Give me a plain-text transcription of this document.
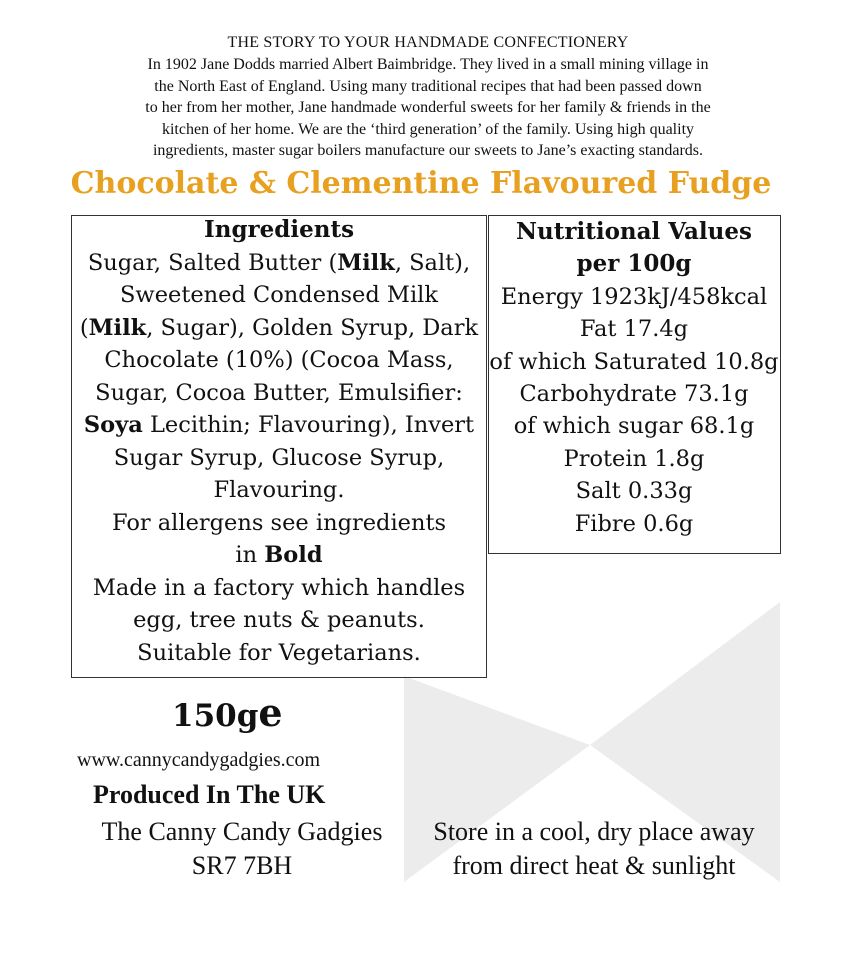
THE STORY TO YOUR HANDMADE CONFECTIONERY
In 1902 Jane Dodds married Albert Baimbridge. They lived in a small mining village in
the North East of England. Using many traditional recipes that had been passed down
to her from her mother, Jane handmade wonderful sweets for her family & friends in the
kitchen of her home. We are the ‘third generation’ of the family. Using high quality
ingredients, master sugar boilers manufacture our sweets to Jane’s exacting standards.
Chocolate & Clementine Flavoured Fudge
Ingredients
Sugar, Salted Butter (Milk, Salt),
Sweetened Condensed Milk
(Milk, Sugar), Golden Syrup, Dark
Chocolate (10%) (Cocoa Mass,
Sugar, Cocoa Butter, Emulsifier:
Soya Lecithin; Flavouring), Invert
Sugar Syrup, Glucose Syrup,
Flavouring.
For allergens see ingredients
in Bold
Made in a factory which handles
egg, tree nuts & peanuts.
Suitable for Vegetarians.
Nutritional Values
per 100g
Energy 1923kJ/458kcal
Fat 17.4g
of which Saturated 10.8g
Carbohydrate 73.1g
of which sugar 68.1g
Protein 1.8g
Salt 0.33g
Fibre 0.6g
150ge
www.cannycandygadgies.com
Produced In The UK
The Canny Candy Gadgies
SR7 7BH
Store in a cool, dry place away
from direct heat & sunlight
